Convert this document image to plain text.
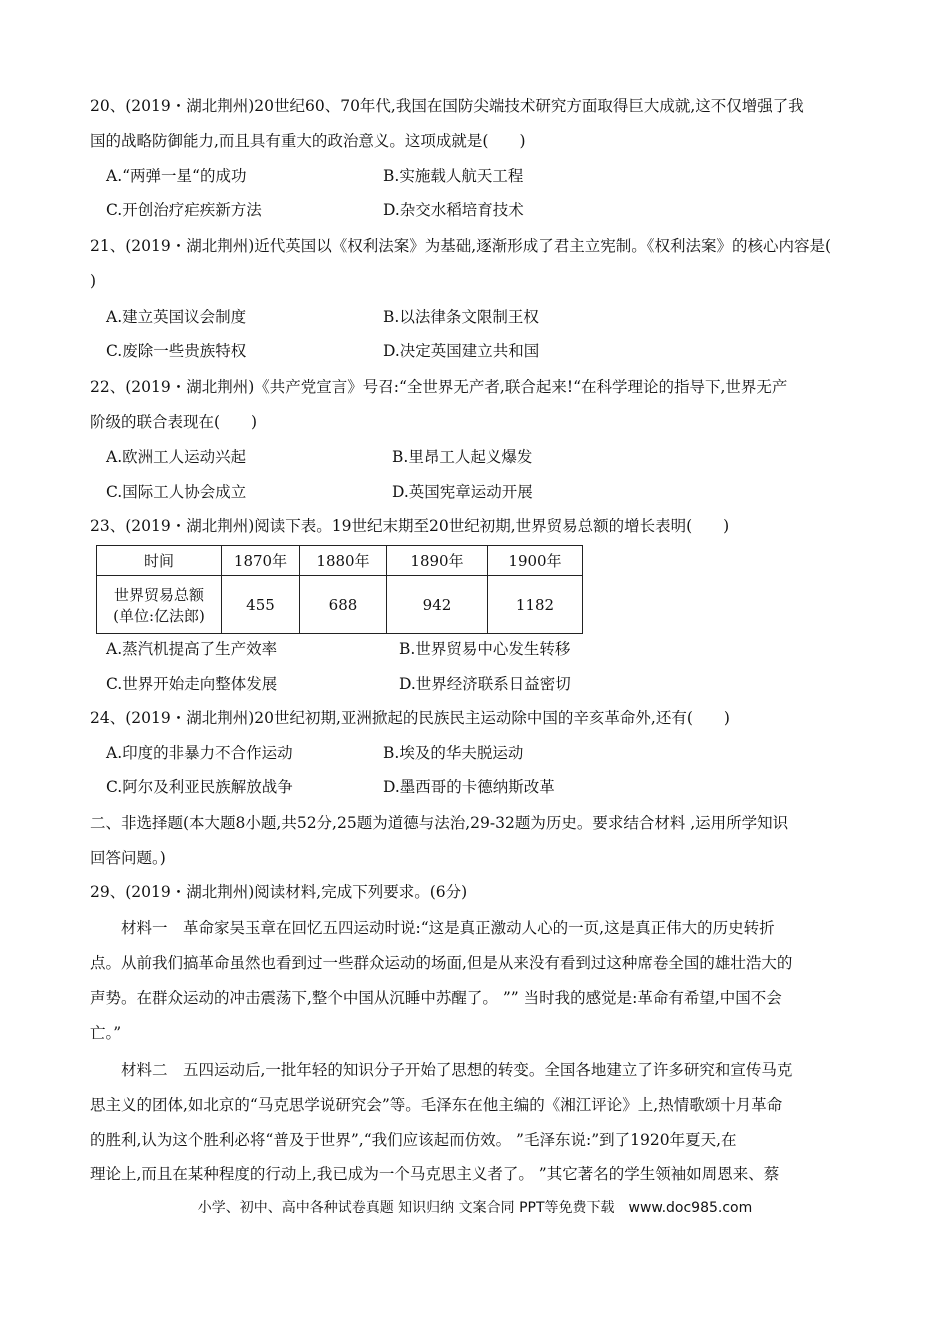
20、(2019・湖北荆州)20世纪60、70年代,我国在国防尖端技术研究方面取得巨大成就,这不仅增强了我
国的战略防御能力,而且具有重大的政治意义。这项成就是(　　)
A.“两弹一星“的成功	B.实施载人航天工程
C.开创治疗疟疾新方法	D.杂交水稻培育技术
21、(2019・湖北荆州)近代英国以《权利法案》为基础,逐渐形成了君主立宪制。《权利法案》的核心内容是(
)
A.建立英国议会制度	B.以法律条文限制王权
C.废除一些贵族特权	D.决定英国建立共和国
22、(2019・湖北荆州)《共产党宣言》号召:“全世界无产者,联合起来!“在科学理论的指导下,世界无产
阶级的联合表现在(　　)
A.欧洲工人运动兴起	B.里昂工人起义爆发
C.国际工人协会成立	D.英国宪章运动开展
23、(2019・湖北荆州)阅读下表。19世纪末期至20世纪初期,世界贸易总额的增长表明(　　)
时间	1870年	1880年	1890年	1900年

世界贸易总额
(单位:亿法郎)	455	688	942	1182
A.蒸汽机提高了生产效率	B.世界贸易中心发生转移
C.世界开始走向整体发展	D.世界经济联系日益密切
24、(2019・湖北荆州)20世纪初期,亚洲掀起的民族民主运动除中国的辛亥革命外,还有(　　)
A.印度的非暴力不合作运动	B.埃及的华夫脱运动
C.阿尔及利亚民族解放战争	D.墨西哥的卡德纳斯改革
二、非选择题(本大题8小题,共52分,25题为道德与法治,29-32题为历史。要求结合材料 ,运用所学知识
回答问题。)
29、(2019・湖北荆州)阅读材料,完成下列要求。(6分)
　　材料一　革命家吴玉章在回忆五四运动时说:“这是真正激动人心的一页,这是真正伟大的历史转折
点。从前我们搞革命虽然也看到过一些群众运动的场面,但是从来没有看到过这种席卷全国的雄壮浩大的
声势。在群众运动的冲击震荡下,整个中国从沉睡中苏醒了。 ”” 当时我的感觉是:革命有希望,中国不会
亡。”
　　材料二　五四运动后,一批年轻的知识分子开始了思想的转变。全国各地建立了许多研究和宣传马克
思主义的团体,如北京的“马克思学说研究会”等。毛泽东在他主编的《湘江评论》上,热情歌颂十月革命
的胜利,认为这个胜利必将“普及于世界”,“我们应该起而仿效。 ”毛泽东说:”到了1920年夏天,在
理论上,而且在某种程度的行动上,我已成为一个马克思主义者了。 ”其它著名的学生领袖如周恩来、蔡
小学、初中、高中各种试卷真题 知识归纳 文案合同 PPT等免费下载　www.doc985.com
